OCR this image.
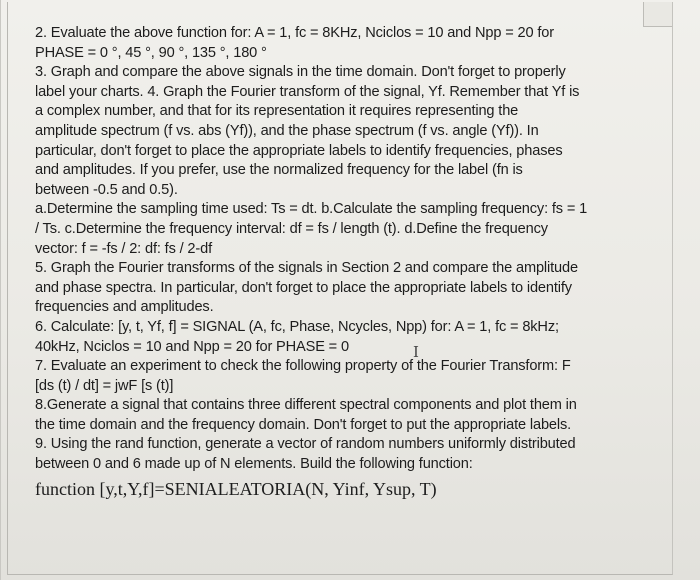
2. Evaluate the above function for: A = 1, fc = 8KHz, Nciclos = 10 and Npp = 20 for
PHASE = 0 °, 45 °, 90 °, 135 °, 180 °
3. Graph and compare the above signals in the time domain. Don't forget to properly
label your charts. 4. Graph the Fourier transform of the signal, Yf. Remember that Yf is
a complex number, and that for its representation it requires representing the
amplitude spectrum (f vs. abs (Yf)), and the phase spectrum (f vs. angle (Yf)). In
particular, don't forget to place the appropriate labels to identify frequencies, phases
and amplitudes. If you prefer, use the normalized frequency for the label (fn is
between -0.5 and 0.5).
a.Determine the sampling time used: Ts = dt. b.Calculate the sampling frequency: fs = 1
/ Ts. c.Determine the frequency interval: df = fs / length (t). d.Define the frequency
vector: f = -fs / 2: df: fs / 2-df
5. Graph the Fourier transforms of the signals in Section 2 and compare the amplitude
and phase spectra. In particular, don't forget to place the appropriate labels to identify
frequencies and amplitudes.
6. Calculate: [y, t, Yf, f] = SIGNAL (A, fc, Phase, Ncycles, Npp) for: A = 1, fc = 8kHz;
40kHz, Nciclos = 10 and Npp = 20 for PHASE = 0
7. Evaluate an experiment to check the following property of the Fourier Transform: F
[ds (t) / dt] = jwF [s (t)]
8.Generate a signal that contains three different spectral components and plot them in
the time domain and the frequency domain. Don't forget to put the appropriate labels.
9. Using the rand function, generate a vector of random numbers uniformly distributed
between 0 and 6 made up of N elements. Build the following function:
function [y,t,Y,f]=SENIALEATORIA(N, Yinf, Ysup, T)
I
